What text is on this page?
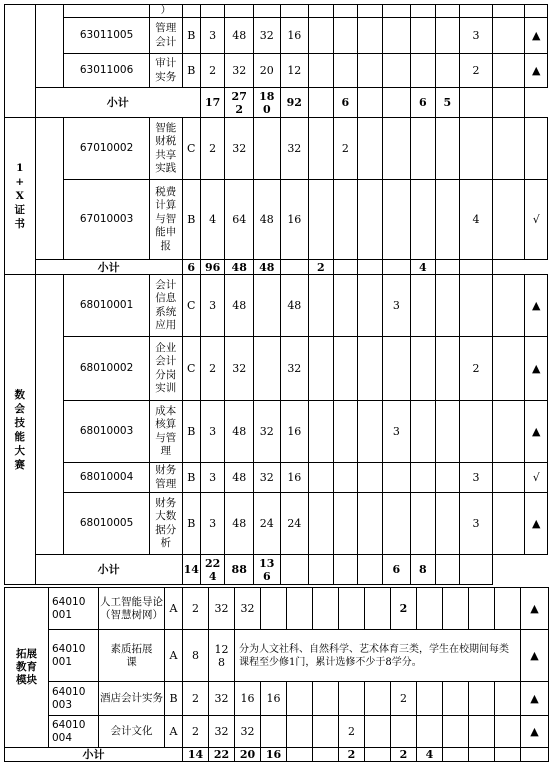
			）														
		63011005	管理会计	B	3	48	32	16							3		▲
		63011006	审计实务	B	2	32	20	12							2		▲
	小计				17	272	180	92		6			6	5			

1+X证书		67010002	智能财税共享实践	C	2	32		32		2							
		67010003	税费计算与智能申报	B	4	64	48	16							4		√
	小计			6	96	48	48		2				4				

数会技能大赛		68010001	会计信息系统应用	C	3	48		48				3					▲
		68010002	企业会计分岗实训	C	2	32		32							2		▲
		68010003	成本核算与管理	B	3	48	32	16				3					▲
		68010004	财务管理	B	3	48	32	16							3		√
		68010005	财务大数据分析	B	3	48	24	24							3		▲
	小计			14	224	88	136					6	8				
拓展教育模块	64010001	人工智能导论（智慧树网）	A	2	32	32						2					▲

	64010001	素质拓展课	A	8	128	分为人文社科、自然科学、艺术体育三类，学生在校期间每类课程至少修1门，累计选修不少于8学分。											▲

	64010003	酒店会计实务	B	2	32	16	16					2					▲

	64010004	会计文化	A	2	32	32				2							▲
小计				14	22	20	16			2		2	4				
